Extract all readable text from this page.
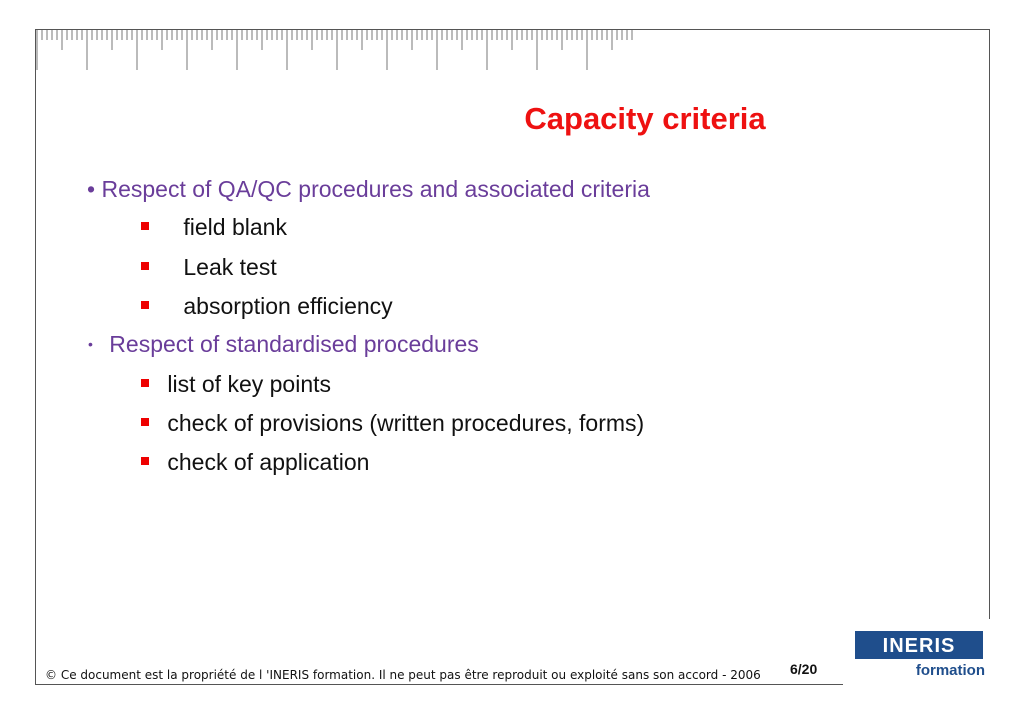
Capacity criteria
• Respect of QA/QC procedures and associated criteria
field blank
Leak test
absorption efficiency
• Respect of standardised procedures
list of key points
check of provisions (written procedures, forms)
check of application
© Ce document est la propriété de l 'INERIS formation. Il ne peut pas être reproduit ou exploité sans son accord - 2006 6/20
INERIS
formation
